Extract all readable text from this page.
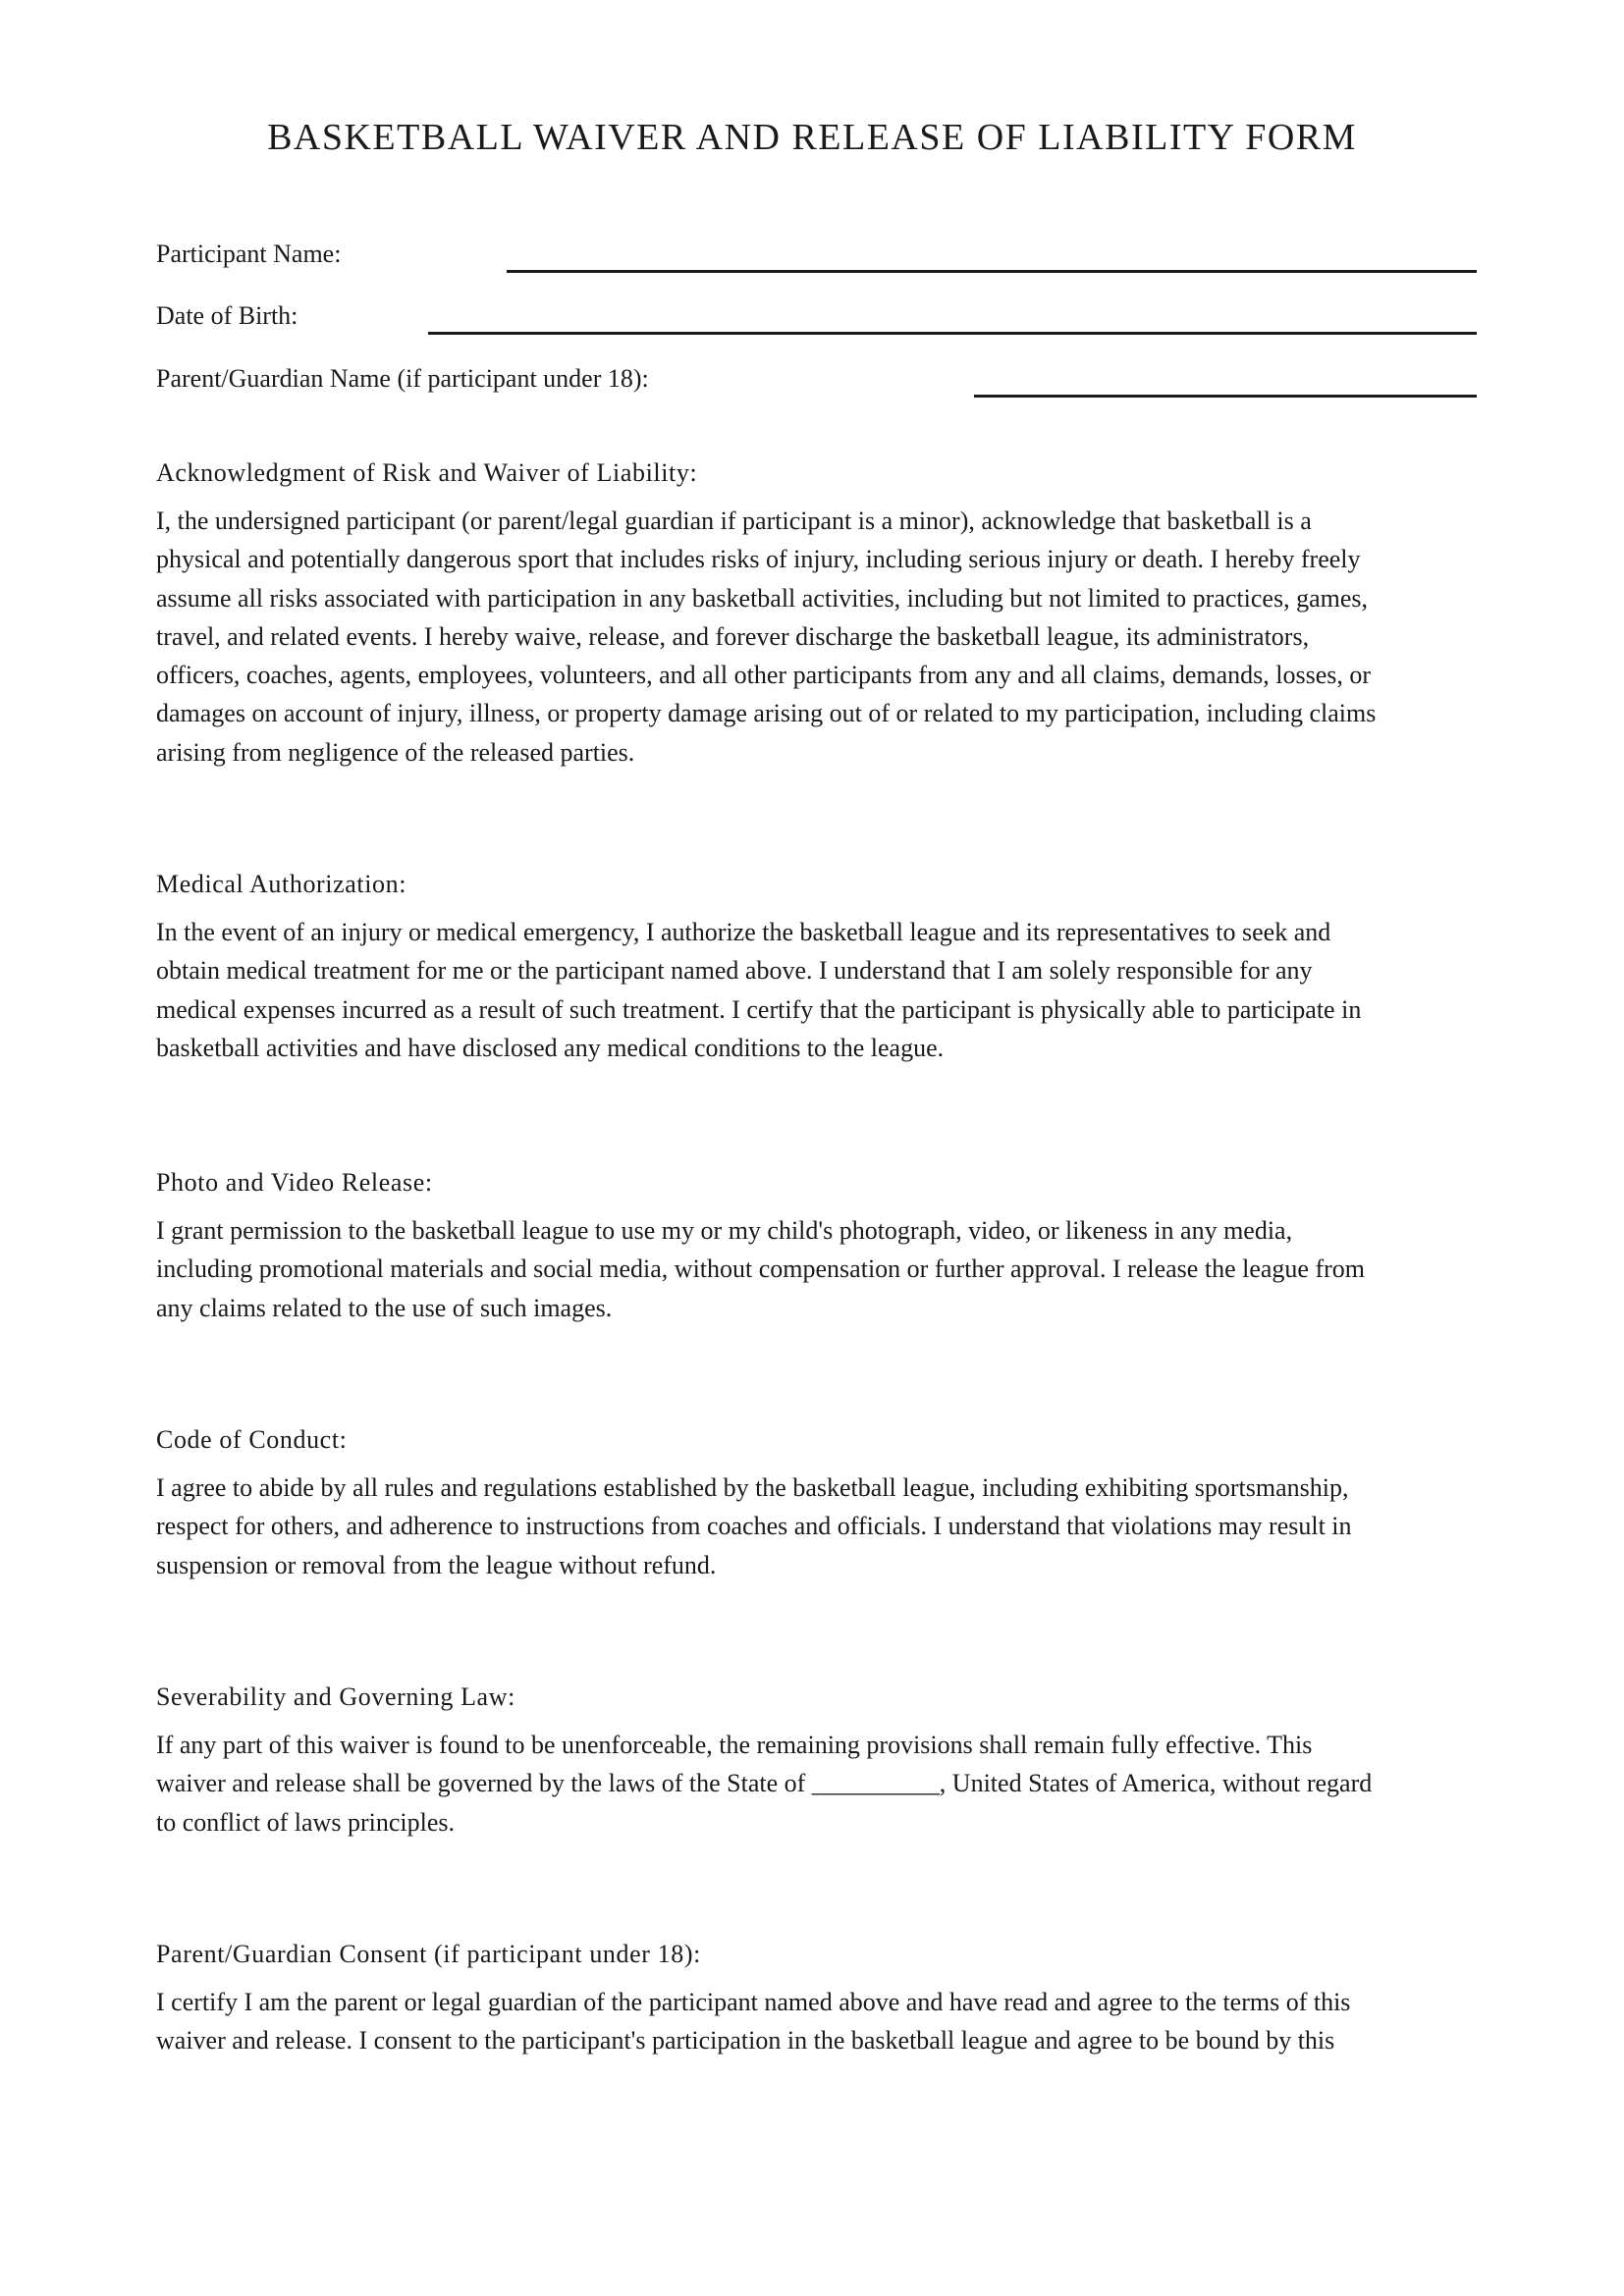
BASKETBALL WAIVER AND RELEASE OF LIABILITY FORM
Participant Name:
Date of Birth:
Parent/Guardian Name (if participant under 18):
Acknowledgment of Risk and Waiver of Liability:

I, the undersigned participant (or parent/legal guardian if participant is a minor), acknowledge that basketball is a
physical and potentially dangerous sport that includes risks of injury, including serious injury or death. I hereby freely
assume all risks associated with participation in any basketball activities, including but not limited to practices, games,
travel, and related events. I hereby waive, release, and forever discharge the basketball league, its administrators,
officers, coaches, agents, employees, volunteers, and all other participants from any and all claims, demands, losses, or
damages on account of injury, illness, or property damage arising out of or related to my participation, including claims
arising from negligence of the released parties.

Medical Authorization:

In the event of an injury or medical emergency, I authorize the basketball league and its representatives to seek and
obtain medical treatment for me or the participant named above. I understand that I am solely responsible for any
medical expenses incurred as a result of such treatment. I certify that the participant is physically able to participate in
basketball activities and have disclosed any medical conditions to the league.

Photo and Video Release:

I grant permission to the basketball league to use my or my child's photograph, video, or likeness in any media,
including promotional materials and social media, without compensation or further approval. I release the league from
any claims related to the use of such images.

Code of Conduct:

I agree to abide by all rules and regulations established by the basketball league, including exhibiting sportsmanship,
respect for others, and adherence to instructions from coaches and officials. I understand that violations may result in
suspension or removal from the league without refund.

Severability and Governing Law:

If any part of this waiver is found to be unenforceable, the remaining provisions shall remain fully effective. This
waiver and release shall be governed by the laws of the State of __________, United States of America, without regard
to conflict of laws principles.

Parent/Guardian Consent (if participant under 18):

I certify I am the parent or legal guardian of the participant named above and have read and agree to the terms of this
waiver and release. I consent to the participant's participation in the basketball league and agree to be bound by this
